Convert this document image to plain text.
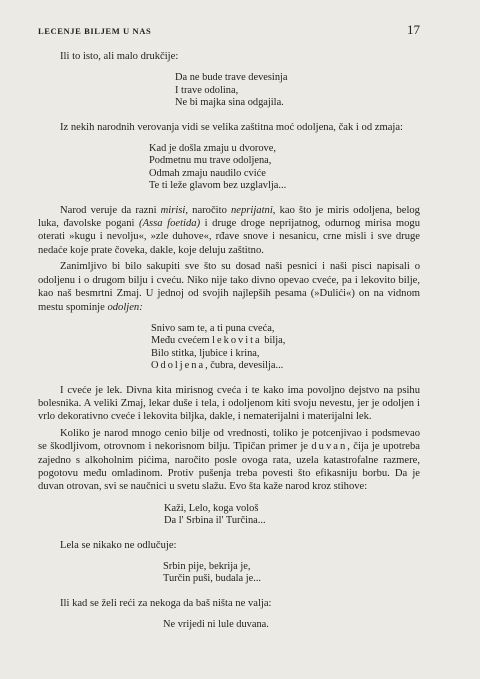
LECENJE BILJEM U NAS	17

Ili to isto, ali malo drukčije:

Da ne bude trave devesinja
I trave odolina,
Ne bi majka sina odgajila.

Iz nekih narodnih verovanja vidi se velika zaštitna moć odoljena, čak i od zmaja:

Kad je došla zmaju u dvorove,
Podmetnu mu trave odoljena,
Odmah zmaju naudilo cviće
Te ti leže glavom bez uzglavlja...

Narod veruje da razni mirisi, naročito neprijatni, kao što je miris odoljena, belog luka, đavolske pogani (Assa foetida) i druge droge neprijatnog, odurnog mirisa mogu oterati »kugu i nevolju«, »zle duhove«, rđave snove i nesanicu, crne misli i sve druge nedaće koje prate čoveka, dakle, koje deluju zaštitno.

Zanimljivo bi bilo sakupiti sve što su dosad naši pesnici i naši pisci napisali o odoljenu i o drugom bilju i cveću. Niko nije tako divno opevao cveće, pa i lekovito bilje, kao naš besmrtni Zmaj. U jednoj od svojih najlepših pesama (»Dulići«) on na vidnom mestu spominje odoljen:

Snivo sam te, a ti puna cveća,
Među cvećem lekovita bilja,
Bilo stitka, ljubice i krina,
Odoljena, čubra, devesilja...

I cveće je lek. Divna kita mirisnog cveća i te kako ima povoljno dejstvo na psihu bolesnika. A veliki Zmaj, lekar duše i tela, i odoljenom kiti svoju nevestu, jer je odoljen i vrlo dekorativno cveće i lekovita biljka, dakle, i nematerijalni i materijalni lek.

Koliko je narod mnogo cenio bilje od vrednosti, toliko je potcenjivao i podsmevao se škodljivom, otrovnom i nekorisnom bilju. Tipičan primer je duvan, čija je upotreba zajedno s alkoholnim pićima, naročito posle ovoga rata, uzela katastrofalne razmere, pogotovu među omladinom. Protiv pušenja treba povesti što efikasniju borbu. Da je duvan otrovan, svi se naučnici u svetu slažu. Evo šta kaže narod kroz stihove:

Kaži, Lelo, koga vološ
Da l' Srbina il' Turčina...

Lela se nikako ne odlučuje:

Srbin pije, bekrija je,
Turčin puši, budala je...

Ili kad se želi reći za nekoga da baš ništa ne valja:

Ne vrijedi ni lule duvana.
